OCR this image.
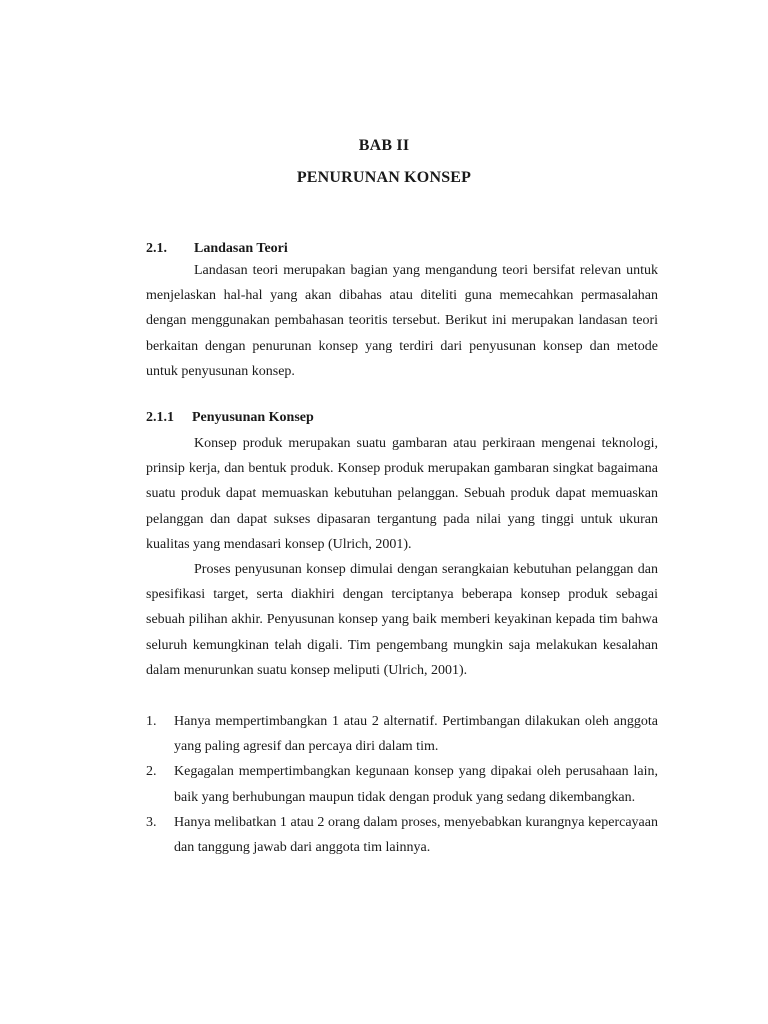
BAB II
PENURUNAN KONSEP
2.1. Landasan Teori

Landasan teori merupakan bagian yang mengandung teori bersifat relevan untuk menjelaskan hal-hal yang akan dibahas atau diteliti guna memecahkan permasalahan dengan menggunakan pembahasan teoritis tersebut. Berikut ini merupakan landasan teori berkaitan dengan penurunan konsep yang terdiri dari penyusunan konsep dan metode untuk penyusunan konsep.

2.1.1 Penyusunan Konsep

Konsep produk merupakan suatu gambaran atau perkiraan mengenai teknologi, prinsip kerja, dan bentuk produk. Konsep produk merupakan gambaran singkat bagaimana suatu produk dapat memuaskan kebutuhan pelanggan. Sebuah produk dapat memuaskan pelanggan dan dapat sukses dipasaran tergantung pada nilai yang tinggi untuk ukuran kualitas yang mendasari konsep (Ulrich, 2001).

Proses penyusunan konsep dimulai dengan serangkaian kebutuhan pelanggan dan spesifikasi target, serta diakhiri dengan terciptanya beberapa konsep produk sebagai sebuah pilihan akhir. Penyusunan konsep yang baik memberi keyakinan kepada tim bahwa seluruh kemungkinan telah digali. Tim pengembang mungkin saja melakukan kesalahan dalam menurunkan suatu konsep meliputi (Ulrich, 2001).

1. Hanya mempertimbangkan 1 atau 2 alternatif. Pertimbangan dilakukan oleh anggota yang paling agresif dan percaya diri dalam tim.
2. Kegagalan mempertimbangkan kegunaan konsep yang dipakai oleh perusahaan lain, baik yang berhubungan maupun tidak dengan produk yang sedang dikembangkan.
3. Hanya melibatkan 1 atau 2 orang dalam proses, menyebabkan kurangnya kepercayaan dan tanggung jawab dari anggota tim lainnya.
